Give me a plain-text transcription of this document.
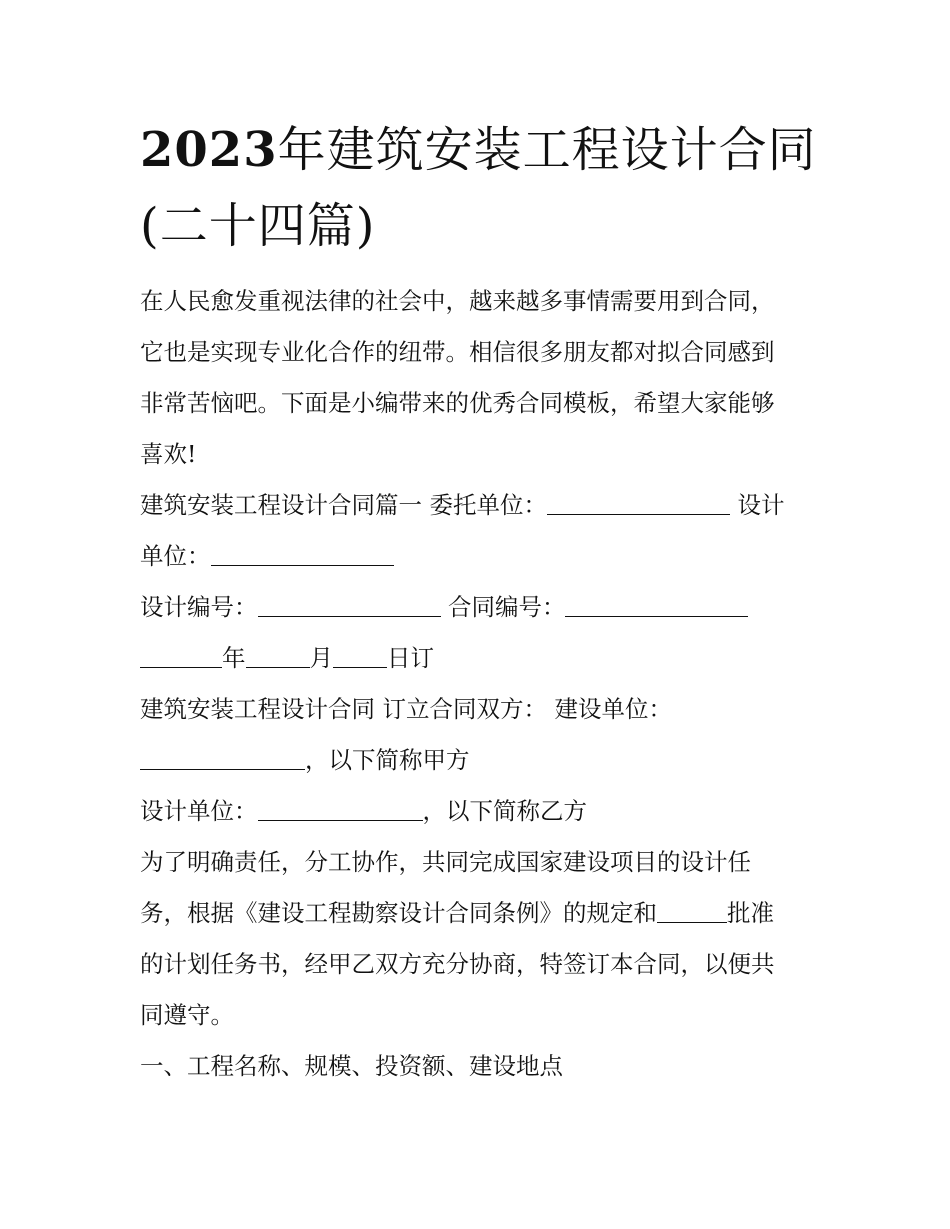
2023年建筑安装工程设计合同
(二十四篇)
在人民愈发重视法律的社会中，越来越多事情需要用到合同，
它也是实现专业化合作的纽带。相信很多朋友都对拟合同感到
非常苦恼吧。下面是小编带来的优秀合同模板，希望大家能够
喜欢!
建筑安装工程设计合同篇一 委托单位：	设计
单位：
设计编号：	合同编号：
年	月 日订
建筑安装工程设计合同 订立合同双方： 建设单位：
，以下简称甲方
设计单位：	，以下简称乙方
为了明确责任，分工协作，共同完成国家建设项目的设计任
务，根据《建设工程勘察设计合同条例》的规定和	批准
的计划任务书，经甲乙双方充分协商，特签订本合同，以便共
同遵守。
一、工程名称、规模、投资额、建设地点
